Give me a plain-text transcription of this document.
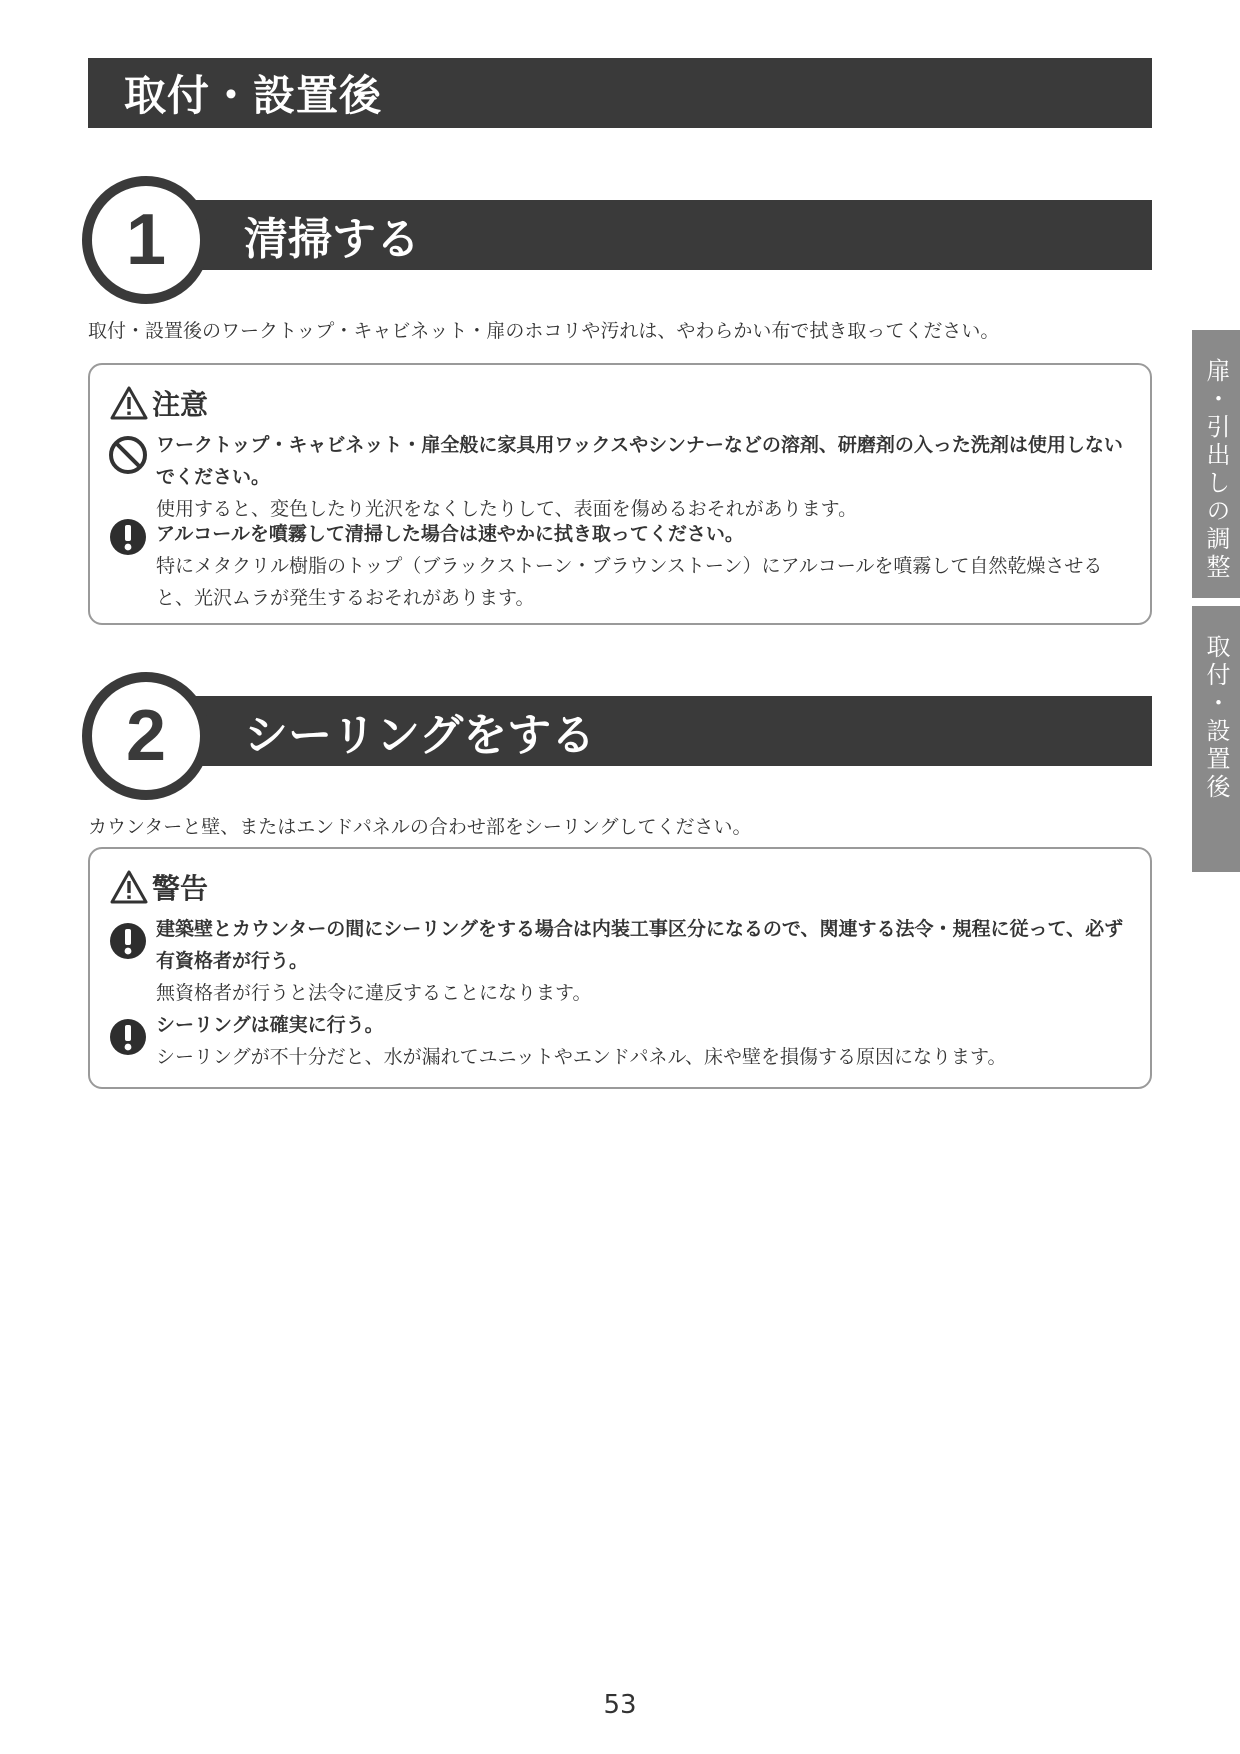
取付・設置後
扉・引出しの調整
取付・設置後
清掃する
1
取付・設置後のワークトップ・キャビネット・扉のホコリや汚れは、やわらかい布で拭き取ってください。
注意
ワークトップ・キャビネット・扉全般に家具用ワックスやシンナーなどの溶剤、研磨剤の入った洗剤は使用しないでください。
使用すると、変色したり光沢をなくしたりして、表面を傷めるおそれがあります。
アルコールを噴霧して清掃した場合は速やかに拭き取ってください。
特にメタクリル樹脂のトップ（ブラックストーン・ブラウンストーン）にアルコールを噴霧して自然乾燥させると、光沢ムラが発生するおそれがあります。
シーリングをする
2
カウンターと壁、またはエンドパネルの合わせ部をシーリングしてください。
警告
建築壁とカウンターの間にシーリングをする場合は内装工事区分になるので、関連する法令・規程に従って、必ず有資格者が行う。
無資格者が行うと法令に違反することになります。
シーリングは確実に行う。
シーリングが不十分だと、水が漏れてユニットやエンドパネル、床や壁を損傷する原因になります。
53
